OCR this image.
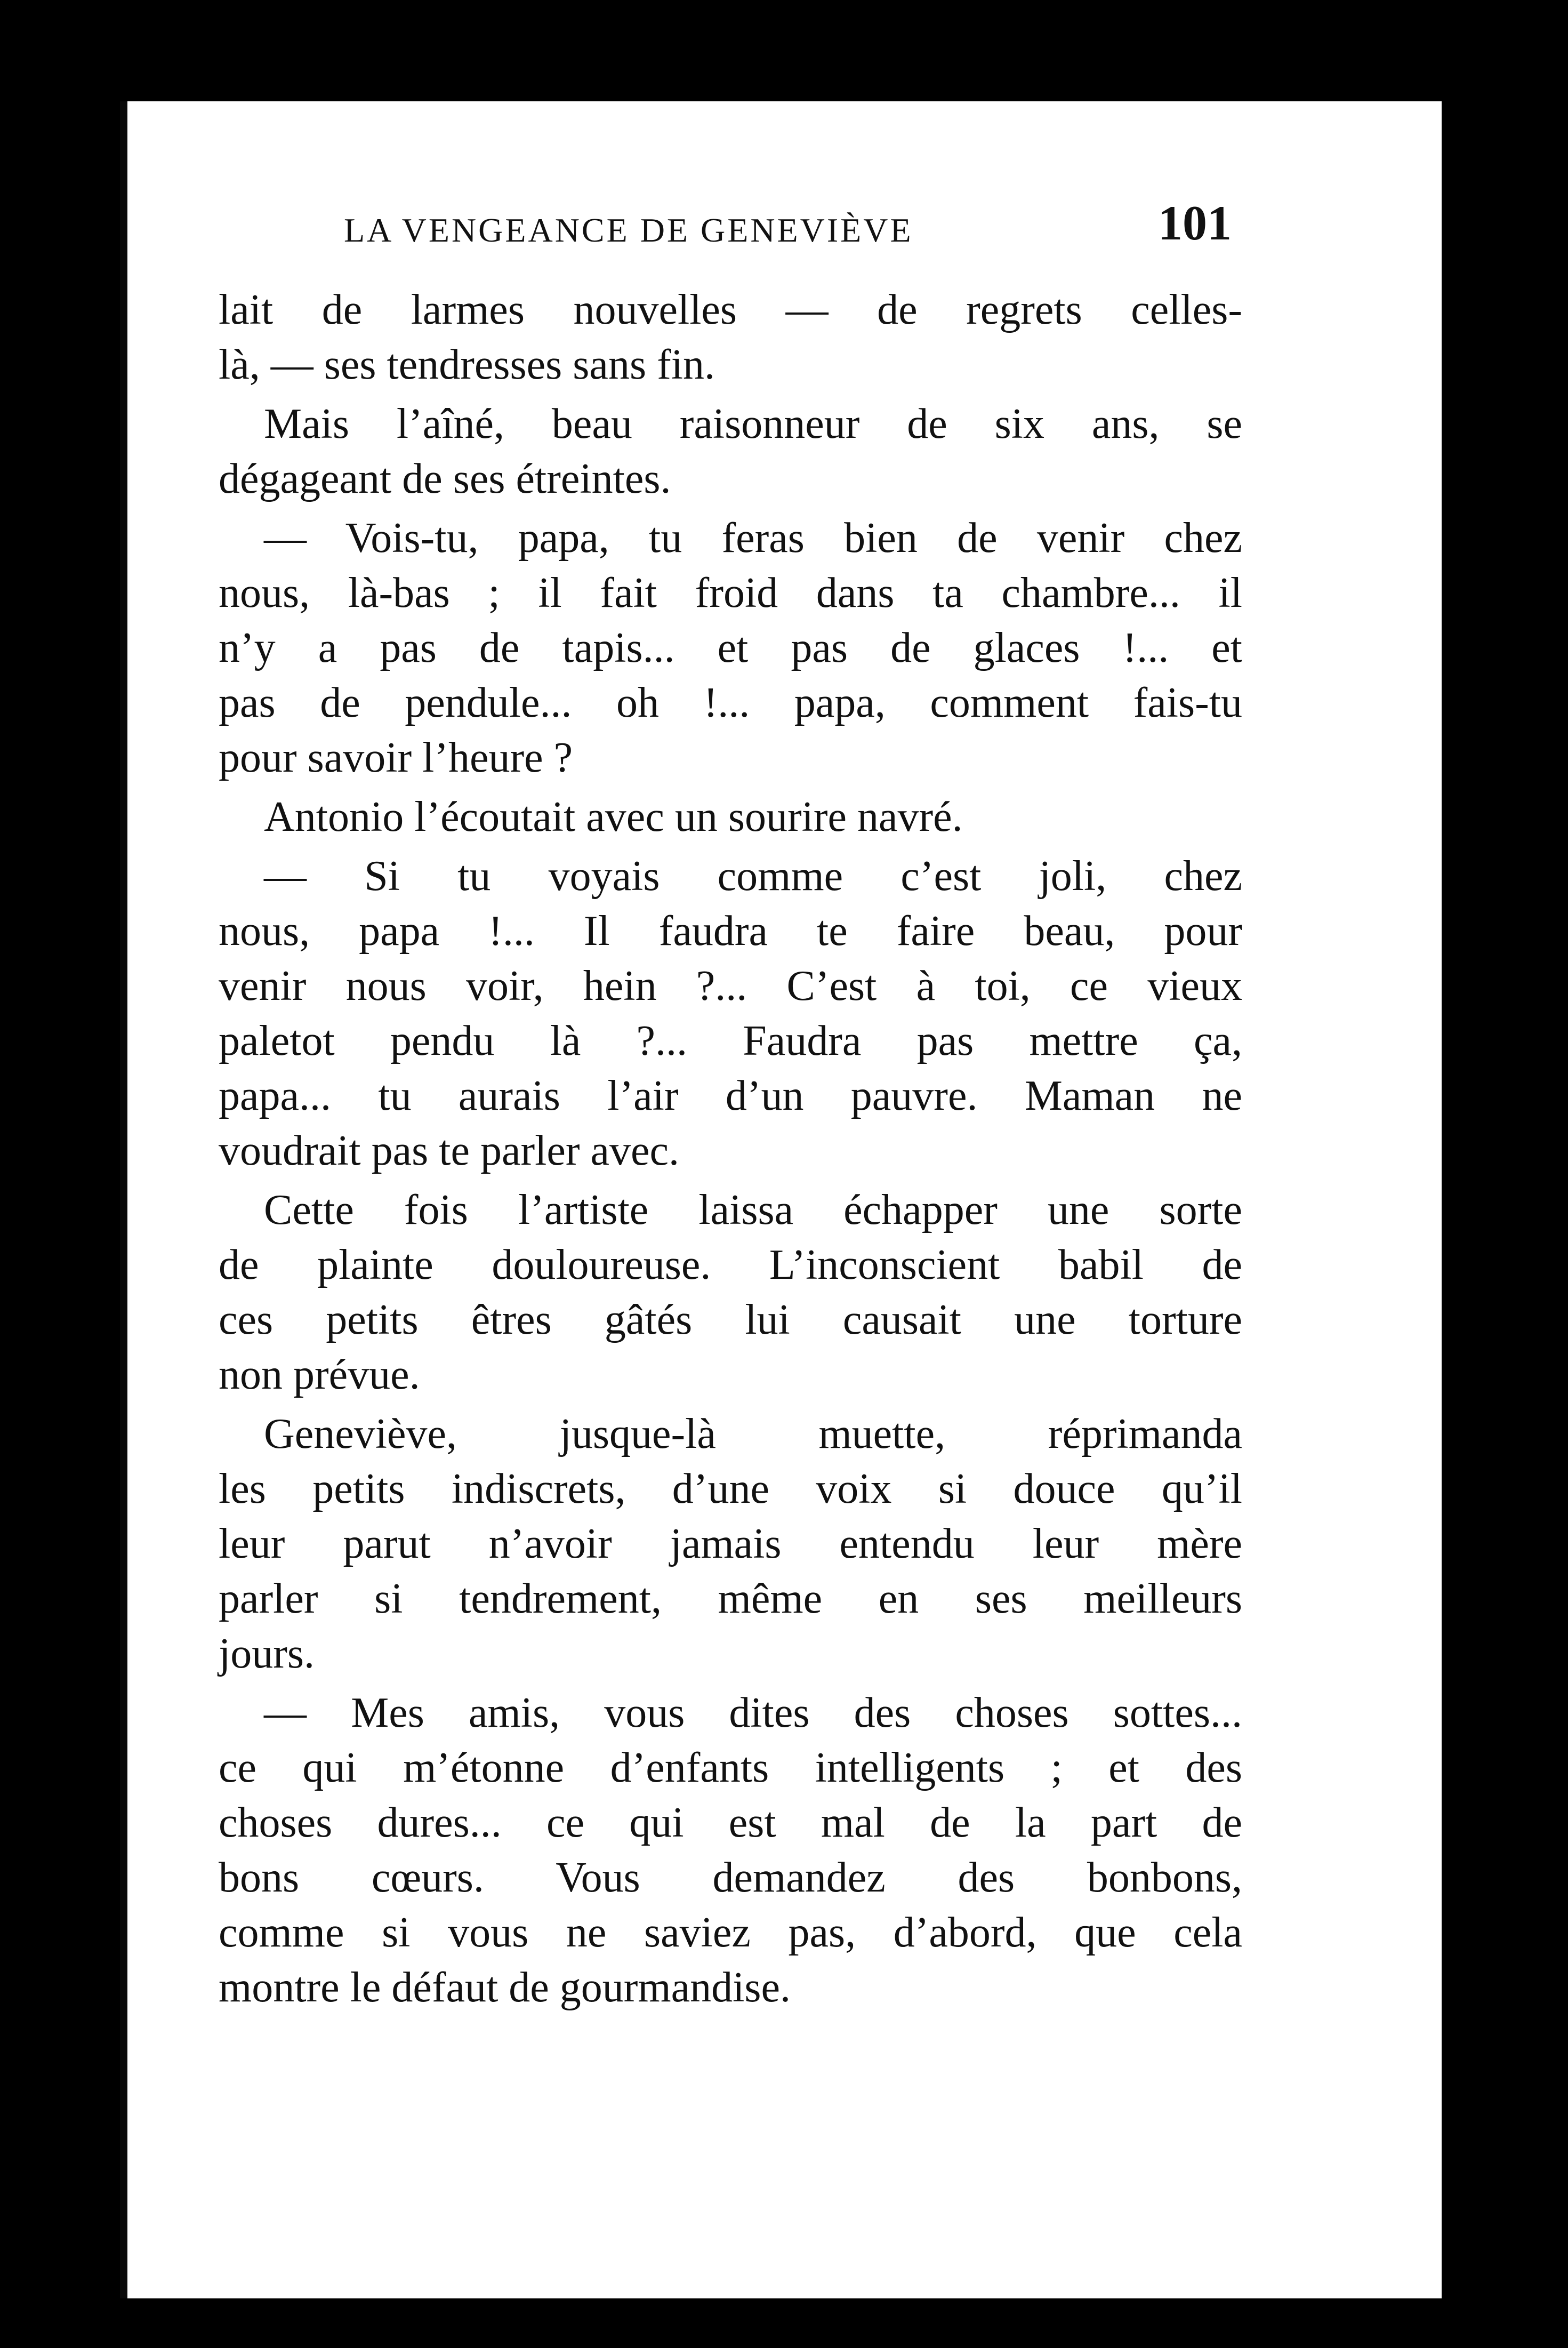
LA VENGEANCE DE GENEVIÈVE	101
lait de larmes nouvelles — de regrets celles-
là, — ses tendresses sans fin.
Mais l’aîné, beau raisonneur de six ans, se
dégageant de ses étreintes.
— Vois-tu, papa, tu feras bien de venir chez
nous, là-bas ; il fait froid dans ta chambre... il
n’y a pas de tapis... et pas de glaces !... et
pas de pendule... oh !... papa, comment fais-tu
pour savoir l’heure ?
Antonio l’écoutait avec un sourire navré.
— Si tu voyais comme c’est joli, chez
nous, papa !... Il faudra te faire beau, pour
venir nous voir, hein ?... C’est à toi, ce vieux
paletot pendu là ?... Faudra pas mettre ça,
papa... tu aurais l’air d’un pauvre. Maman ne
voudrait pas te parler avec.
Cette fois l’artiste laissa échapper une sorte
de plainte douloureuse. L’inconscient babil de
ces petits êtres gâtés lui causait une torture
non prévue.
Geneviève, jusque-là muette, réprimanda
les petits indiscrets, d’une voix si douce qu’il
leur parut n’avoir jamais entendu leur mère
parler si tendrement, même en ses meilleurs
jours.
— Mes amis, vous dites des choses sottes...
ce qui m’étonne d’enfants intelligents ; et des
choses dures... ce qui est mal de la part de
bons cœurs. Vous demandez des bonbons,
comme si vous ne saviez pas, d’abord, que cela
montre le défaut de gourmandise.
